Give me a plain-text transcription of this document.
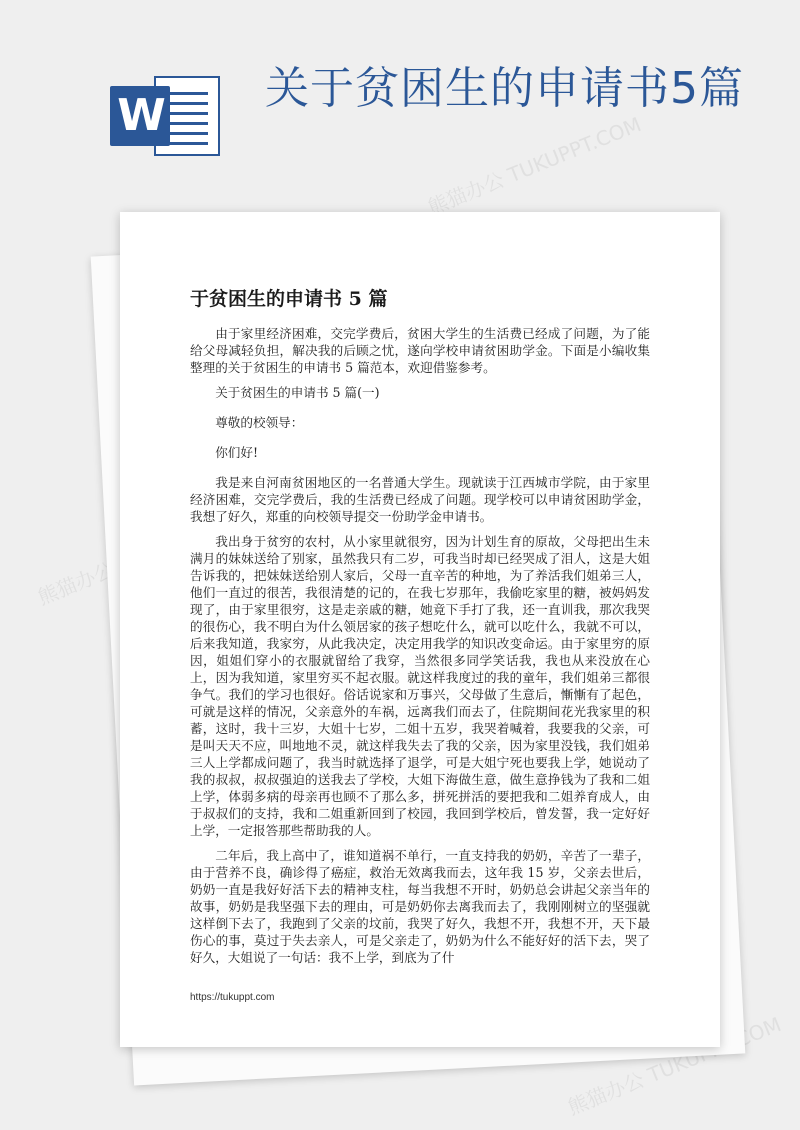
W
关于贫困生的申请书5篇
熊猫办公 TUKUPPT.COM
熊猫办公
熊猫办公 TUKUPPT.COM
于贫困生的申请书 5 篇

由于家里经济困难，交完学费后，贫困大学生的生活费已经成了问题，为了能给父母减轻负担，解决我的后顾之忧，遂向学校申请贫困助学金。下面是小编收集整理的关于贫困生的申请书 5 篇范本，欢迎借鉴参考。

关于贫困生的申请书 5 篇(一)

尊敬的校领导：

你们好!

我是来自河南贫困地区的一名普通大学生。现就读于江西城市学院，由于家里经济困难，交完学费后，我的生活费已经成了问题。现学校可以申请贫困助学金，我想了好久，郑重的向校领导提交一份助学金申请书。

我出身于贫穷的农村，从小家里就很穷，因为计划生育的原故，父母把出生未满月的妹妹送给了别家，虽然我只有二岁，可我当时却已经哭成了泪人，这是大姐告诉我的，把妹妹送给别人家后，父母一直辛苦的种地，为了养活我们姐弟三人，他们一直过的很苦，我很清楚的记的，在我七岁那年，我偷吃家里的糖，被妈妈发现了，由于家里很穷，这是走亲戚的糖，她竟下手打了我，还一直训我，那次我哭的很伤心，我不明白为什么领居家的孩子想吃什么，就可以吃什么，我就不可以，后来我知道，我家穷，从此我决定，决定用我学的知识改变命运。由于家里穷的原因，姐姐们穿小的衣服就留给了我穿，当然很多同学笑话我，我也从来没放在心上，因为我知道，家里穷买不起衣服。就这样我度过的我的童年，我们姐弟三都很争气。我们的学习也很好。俗话说家和万事兴，父母做了生意后，慚慚有了起色，可就是这样的情况，父亲意外的车祸，远离我们而去了，住院期间花光我家里的积蓄，这时，我十三岁，大姐十七岁，二姐十五岁，我哭着喊着，我要我的父亲，可是叫天天不应，叫地地不灵，就这样我失去了我的父亲，因为家里没钱，我们姐弟三人上学都成问题了，我当时就选择了退学，可是大姐宁死也要我上学，她说动了我的叔叔，叔叔强迫的送我去了学校，大姐下海做生意，做生意挣钱为了我和二姐上学，体弱多病的母亲再也顾不了那么多，拼死拼活的要把我和二姐养育成人，由于叔叔们的支持，我和二姐重新回到了校园，我回到学校后，曾发誓，我一定好好上学，一定报答那些帮助我的人。

二年后，我上高中了，谁知道祸不单行，一直支持我的奶奶，辛苦了一辈子，由于营养不良，确诊得了癌症，救治无效离我而去，这年我 15 岁，父亲去世后，奶奶一直是我好好活下去的精神支柱，每当我想不开时，奶奶总会讲起父亲当年的故事，奶奶是我坚强下去的理由，可是奶奶你去离我而去了，我刚刚树立的坚强就这样倒下去了，我跑到了父亲的坟前，我哭了好久，我想不开，我想不开，天下最伤心的事，莫过于失去亲人，可是父亲走了，奶奶为什么不能好好的活下去，哭了好久，大姐说了一句话：我不上学，到底为了什

https://tukuppt.com
